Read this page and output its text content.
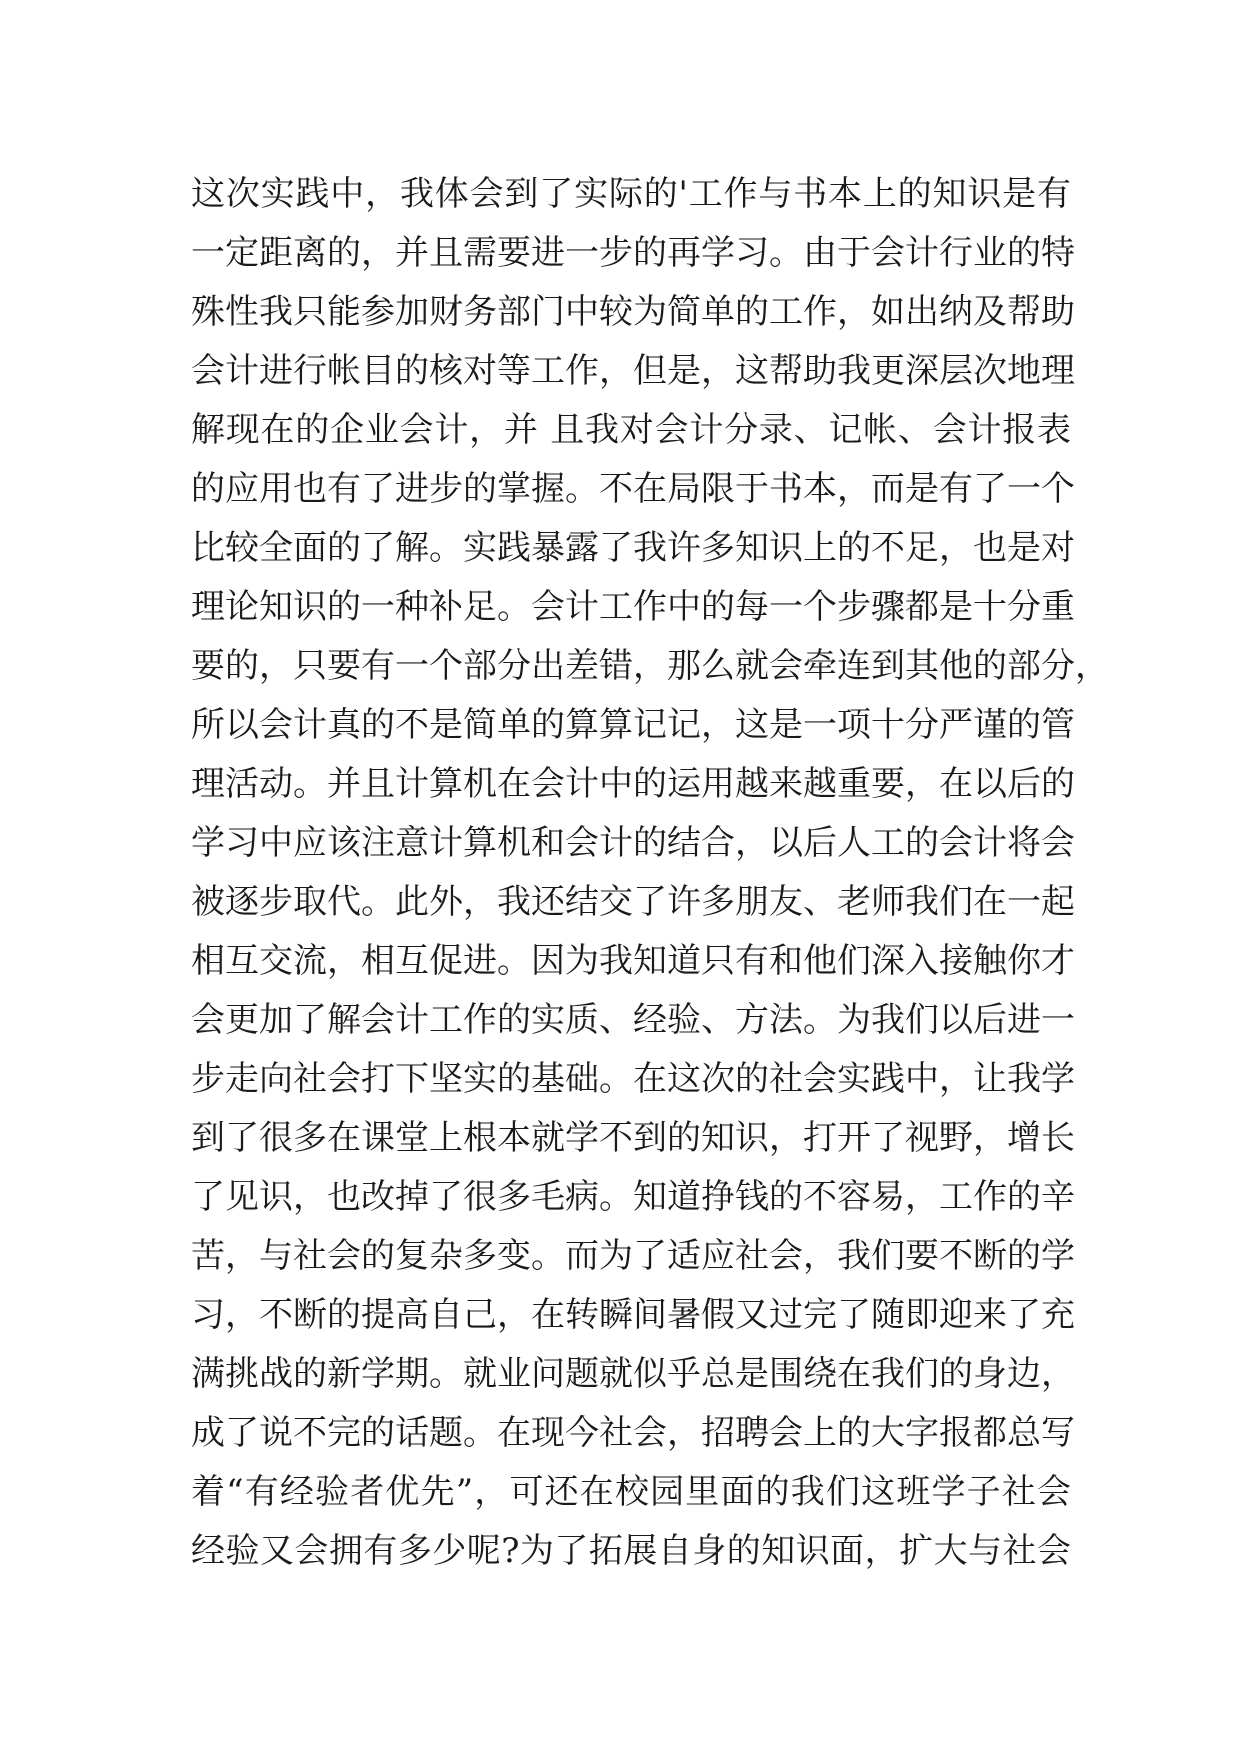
这次实践中，我体会到了实际的'工作与书本上的知识是有
一定距离的，并且需要进一步的再学习。由于会计行业的特
殊性我只能参加财务部门中较为简单的工作，如出纳及帮助
会计进行帐目的核对等工作，但是，这帮助我更深层次地理
解现在的企业会计，并 且我对会计分录、记帐、会计报表
的应用也有了进步的掌握。不在局限于书本，而是有了一个
比较全面的了解。实践暴露了我许多知识上的不足，也是对
理论知识的一种补足。会计工作中的每一个步骤都是十分重
要的，只要有一个部分出差错，那么就会牵连到其他的部分，
所以会计真的不是简单的算算记记，这是一项十分严谨的管
理活动。并且计算机在会计中的运用越来越重要，在以后的
学习中应该注意计算机和会计的结合，以后人工的会计将会
被逐步取代。此外，我还结交了许多朋友、老师我们在一起
相互交流，相互促进。因为我知道只有和他们深入接触你才
会更加了解会计工作的实质、经验、方法。为我们以后进一
步走向社会打下坚实的基础。在这次的社会实践中，让我学
到了很多在课堂上根本就学不到的知识，打开了视野，增长
了见识，也改掉了很多毛病。知道挣钱的不容易，工作的辛
苦，与社会的复杂多变。而为了适应社会，我们要不断的学
习，不断的提高自己，在转瞬间暑假又过完了随即迎来了充
满挑战的新学期。就业问题就似乎总是围绕在我们的身边，
成了说不完的话题。在现今社会，招聘会上的大字报都总写
着“有经验者优先”，可还在校园里面的我们这班学子社会
经验又会拥有多少呢?为了拓展自身的知识面，扩大与社会
